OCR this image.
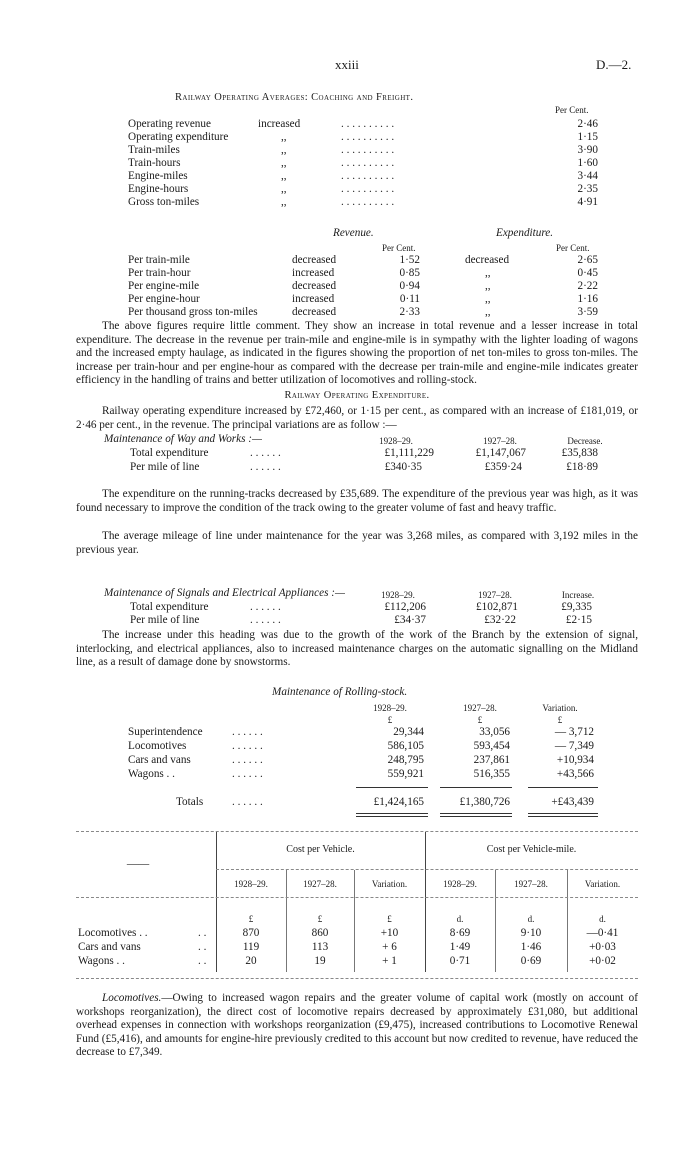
xxiii	D.—2.
Railway Operating Averages: Coaching and Freight.
Per Cent.
Operating revenue	increased	. . . . . . . . . .	2·46
Operating expenditure	,,	. . . . . . . . . .	1·15
Train-miles	,,	. . . . . . . . . .	3·90
Train-hours	,,	. . . . . . . . . .	1·60
Engine-miles	,,	. . . . . . . . . .	3·44
Engine-hours	,,	. . . . . . . . . .	2·35
Gross ton-miles	,,	. . . . . . . . . .	4·91
Revenue.	Expenditure.
Per Cent.	Per Cent.
Per train-mile	decreased	1·52	decreased	2·65
Per train-hour	increased	0·85	,,	0·45
Per engine-mile	decreased	0·94	,,	2·22
Per engine-hour	increased	0·11	,,	1·16
Per thousand gross ton-miles	decreased	2·33	,,	3·59
The above figures require little comment. They show an increase in total revenue and a lesser increase in total expenditure. The decrease in the revenue per train-mile and engine-mile is in sympathy with the lighter loading of wagons and the increased empty haulage, as indicated in the figures showing the proportion of net ton-miles to gross ton-miles. The increase per train-hour and per engine-hour as compared with the decrease per train-mile and engine-mile indicates greater efficiency in the handling of trains and better utilization of locomotives and rolling-stock.
Railway Operating Expenditure.
Railway operating expenditure increased by £72,460, or 1·15 per cent., as compared with an increase of £181,019, or 2·46 per cent., in the revenue. The principal variations are as follow :—
Maintenance of Way and Works :—	1928–29.	1927–28.	Decrease.
Total expenditure	. . . . . .	£1,111,229	£1,147,067	£35,838
Per mile of line	. . . . . .	£340·35	£359·24	£18·89
The expenditure on the running-tracks decreased by £35,689. The expenditure of the previous year was high, as it was found necessary to improve the condition of the track owing to the greater volume of fast and heavy traffic.
The average mileage of line under maintenance for the year was 3,268 miles, as compared with 3,192 miles in the previous year.
Maintenance of Signals and Electrical Appliances :—	1928–29.	1927–28.	Increase.
Total expenditure	. . . . . .	£112,206	£102,871	£9,335
Per mile of line	. . . . . .	£34·37	£32·22	£2·15
The increase under this heading was due to the growth of the work of the Branch by the extension of signal, interlocking, and electrical appliances, also to increased maintenance charges on the automatic signalling on the Midland line, as a result of damage done by snowstorms.
Maintenance of Rolling-stock.
1928–29.	1927–28.	Variation.
£	£	£
Superintendence	. . . . . .	29,344	33,056	— 3,712
Locomotives	. . . . . .	586,105	593,454	— 7,349
Cars and vans	. . . . . .	248,795	237,861	+10,934
Wagons . .	. . . . . .	559,921	516,355	+43,566
Totals	. . . . . .	£1,424,165	£1,380,726	+£43,439
——
Cost per Vehicle.	Cost per Vehicle-mile.
1928–29.	1927–28.	Variation.	1928–29.	1927–28.	Variation.
£	£	£	d.	d.	d.
Locomotives . .	. .	870	860	+10	8·69	9·10	—0·41
Cars and vans	. .	119	113	+ 6	1·49	1·46	+0·03
Wagons . .	. .	20	19	+ 1	0·71	0·69	+0·02
Locomotives.—Owing to increased wagon repairs and the greater volume of capital work (mostly on account of workshops reorganization), the direct cost of locomotive repairs decreased by approximately £31,080, but additional overhead expenses in connection with workshops reorganization (£9,475), increased contributions to Locomotive Renewal Fund (£5,416), and amounts for engine-hire previously credited to this account but now credited to revenue, have reduced the decrease to £7,349.
